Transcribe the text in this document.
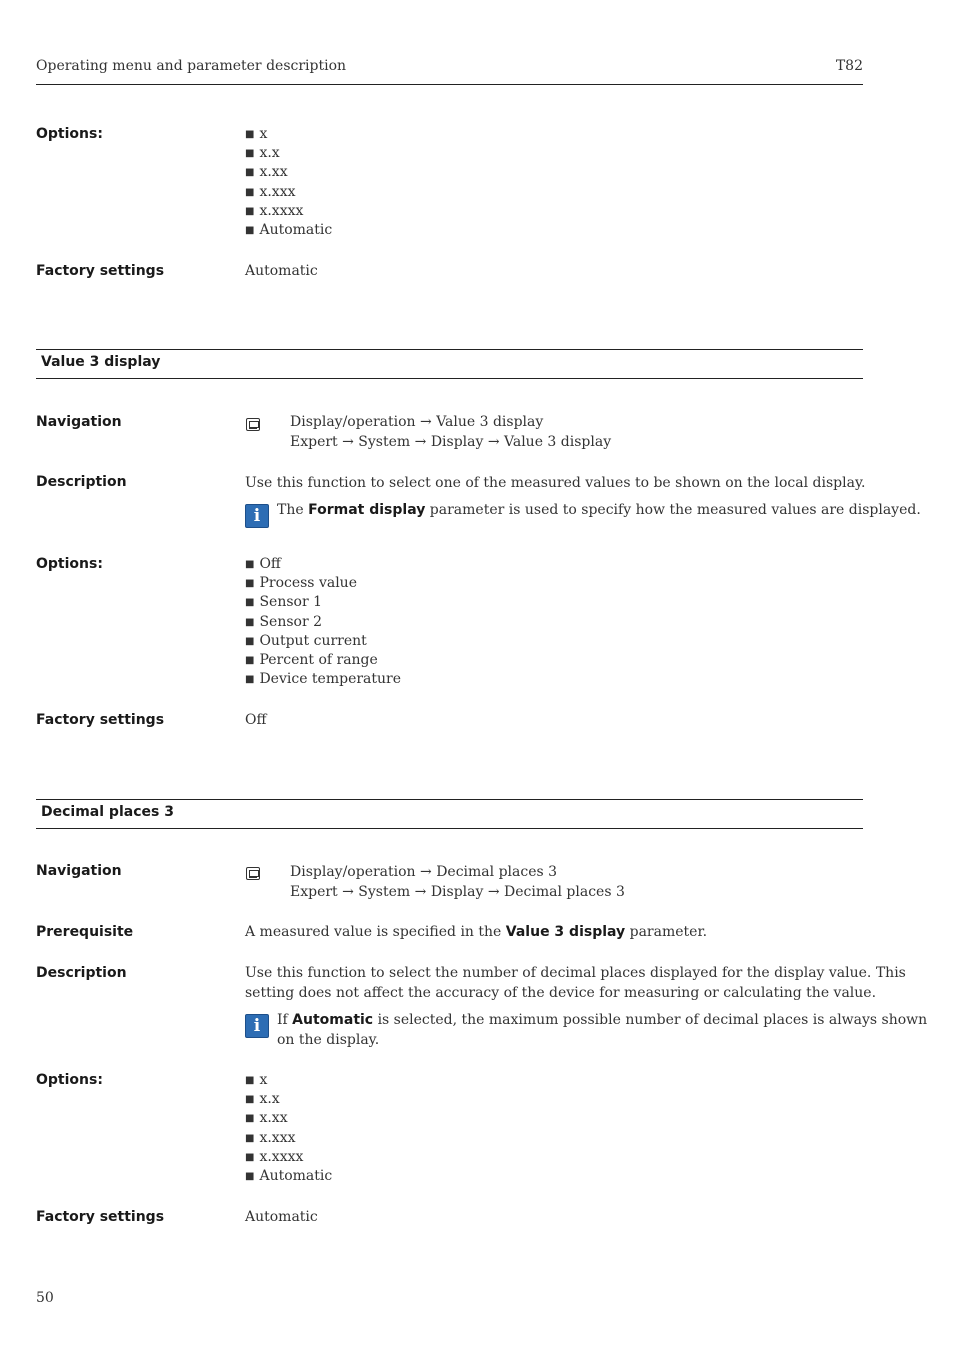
Operating menu and parameter description	T82
Options:	■ x
■ x.x
■ x.xx
■ x.xxx
■ x.xxxx
■ Automatic
Factory settings	Automatic
Value 3 display
Navigation	Display/operation → Value 3 display
Expert → System → Display → Value 3 display
Description	Use this function to select one of the measured values to be shown on the local display.
i	The Format display parameter is used to specify how the measured values are displayed.
Options:	■ Off
■ Process value
■ Sensor 1
■ Sensor 2
■ Output current
■ Percent of range
■ Device temperature
Factory settings	Off
Decimal places 3
Navigation	Display/operation → Decimal places 3
Expert → System → Display → Decimal places 3
Prerequisite	A measured value is specified in the Value 3 display parameter.
Description	Use this function to select the number of decimal places displayed for the display value. This
setting does not affect the accuracy of the device for measuring or calculating the value.
i	If Automatic is selected, the maximum possible number of decimal places is always shown
on the display.
Options:	■ x
■ x.x
■ x.xx
■ x.xxx
■ x.xxxx
■ Automatic
Factory settings	Automatic
50
